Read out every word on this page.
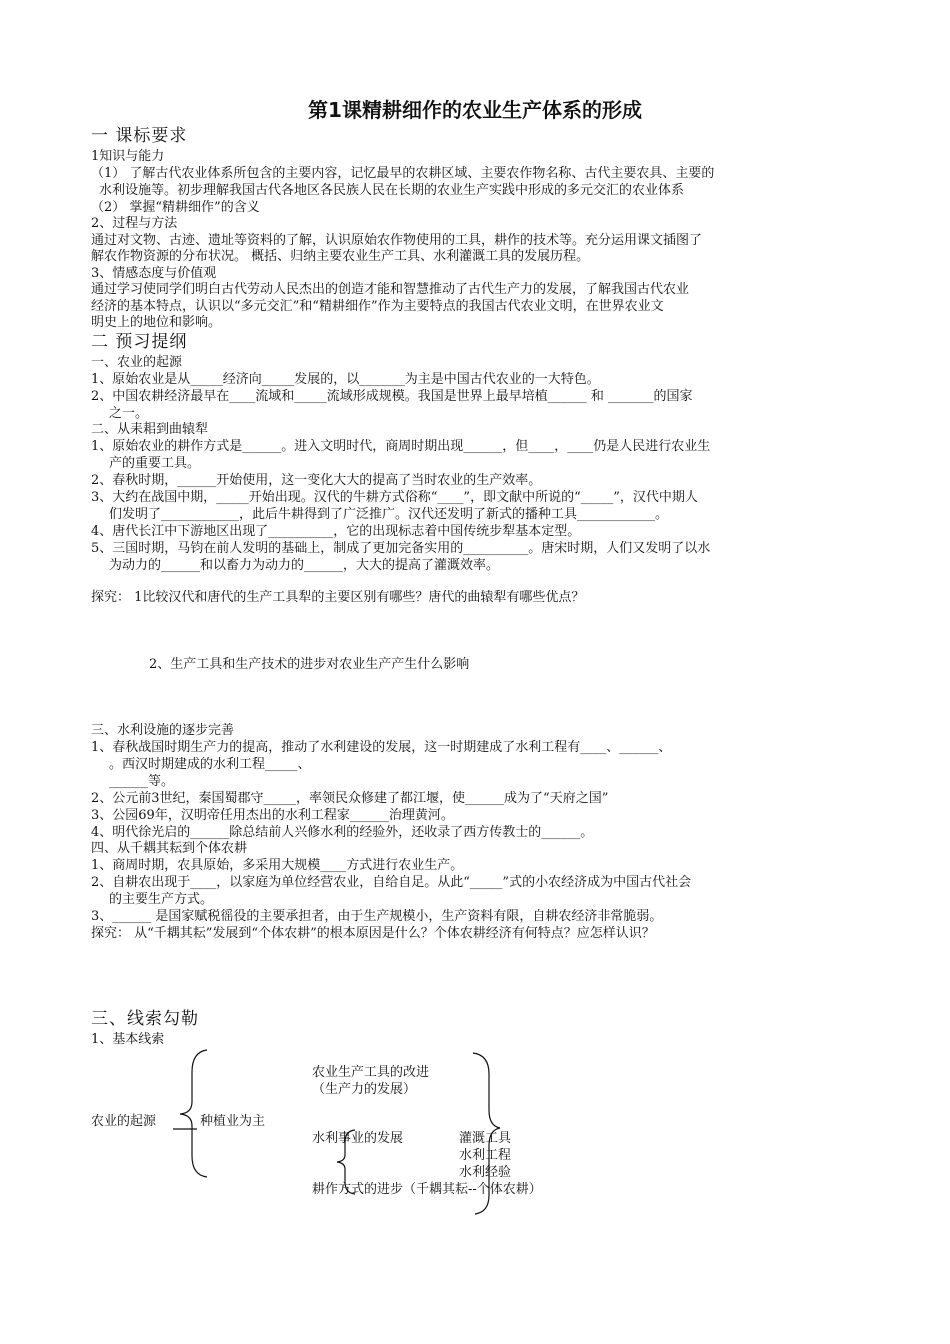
第1课精耕细作的农业生产体系的形成
一 课标要求
1知识与能力
（1） 了解古代农业体系所包含的主要内容，记忆最早的农耕区域、主要农作物名称、古代主要农具、主要的
水利设施等。初步理解我国古代各地区各民族人民在长期的农业生产实践中形成的多元交汇的农业体系
（2） 掌握“精耕细作”的含义
2、过程与方法
通过对文物、古迹、遗址等资料的了解，认识原始农作物使用的工具，耕作的技术等。充分运用课文插图了
解农作物资源的分布状况。 概括、归纳主要农业生产工具、水利灌溉工具的发展历程。
3、情感态度与价值观
通过学习使同学们明白古代劳动人民杰出的创造才能和智慧推动了古代生产力的发展，了解我国古代农业
经济的基本特点，认识以“多元交汇”和“精耕细作”作为主要特点的我国古代农业文明，在世界农业文
明史上的地位和影响。
二 预习提纲
一、农业的起源
1、原始农业是从_____经济向_____发展的，以_______为主是中国古代农业的一大特色。
2、中国农耕经济最早在____流域和_____流域形成规模。我国是世界上最早培植______ 和 _______的国家
之一。
二、从耒耜到曲辕犁
1、原始农业的耕作方式是______。进入文明时代，商周时期出现______，但____，____仍是人民进行农业生
产的重要工具。
2、春秋时期，______开始使用，这一变化大大的提高了当时农业的生产效率。
3、大约在战国中期，_____开始出现。汉代的牛耕方式俗称“____”，即文献中所说的“_____”，汉代中期人
们发明了____________，此后牛耕得到了广泛推广。汉代还发明了新式的播种工具____________。
4、唐代长江中下游地区出现了__________，它的出现标志着中国传统步犁基本定型。
5、三国时期，马钧在前人发明的基础上，制成了更加完备实用的__________。唐宋时期，人们又发明了以水
为动力的______和以畜力为动力的______，大大的提高了灌溉效率。
探究： 1比较汉代和唐代的生产工具犁的主要区别有哪些？唐代的曲辕犁有哪些优点？
2、生产工具和生产技术的进步对农业生产产生什么影响
三、水利设施的逐步完善
1、春秋战国时期生产力的提高，推动了水利建设的发展，这一时期建成了水利工程有____、______、
。西汉时期建成的水利工程_____、
______等。
2、公元前3世纪，秦国蜀郡守_____，率领民众修建了都江堰，使______成为了“天府之国”
3、公园69年，汉明帝任用杰出的水利工程家______治理黄河。
4、明代徐光启的______除总结前人兴修水利的经验外，还收录了西方传教士的______。
四、从千耦其耘到个体农耕
1、商周时期，农具原始，多采用大规模____方式进行农业生产。
2、自耕农出现于____，以家庭为单位经营农业，自给自足。从此“_____”式的小农经济成为中国古代社会
的主要生产方式。
3、______ 是国家赋税徭役的主要承担者，由于生产规模小，生产资料有限，自耕农经济非常脆弱。
探究： 从“千耦其耘”发展到“个体农耕”的根本原因是什么？个体农耕经济有何特点？应怎样认识？
三、线索勾勒
1、基本线索
农业的起源	种植业为主
农业生产工具的改进
（生产力的发展）
水利事业的发展	灌溉工具
水利工程
水利经验
耕作方式的进步（千耦其耘--个体农耕）
